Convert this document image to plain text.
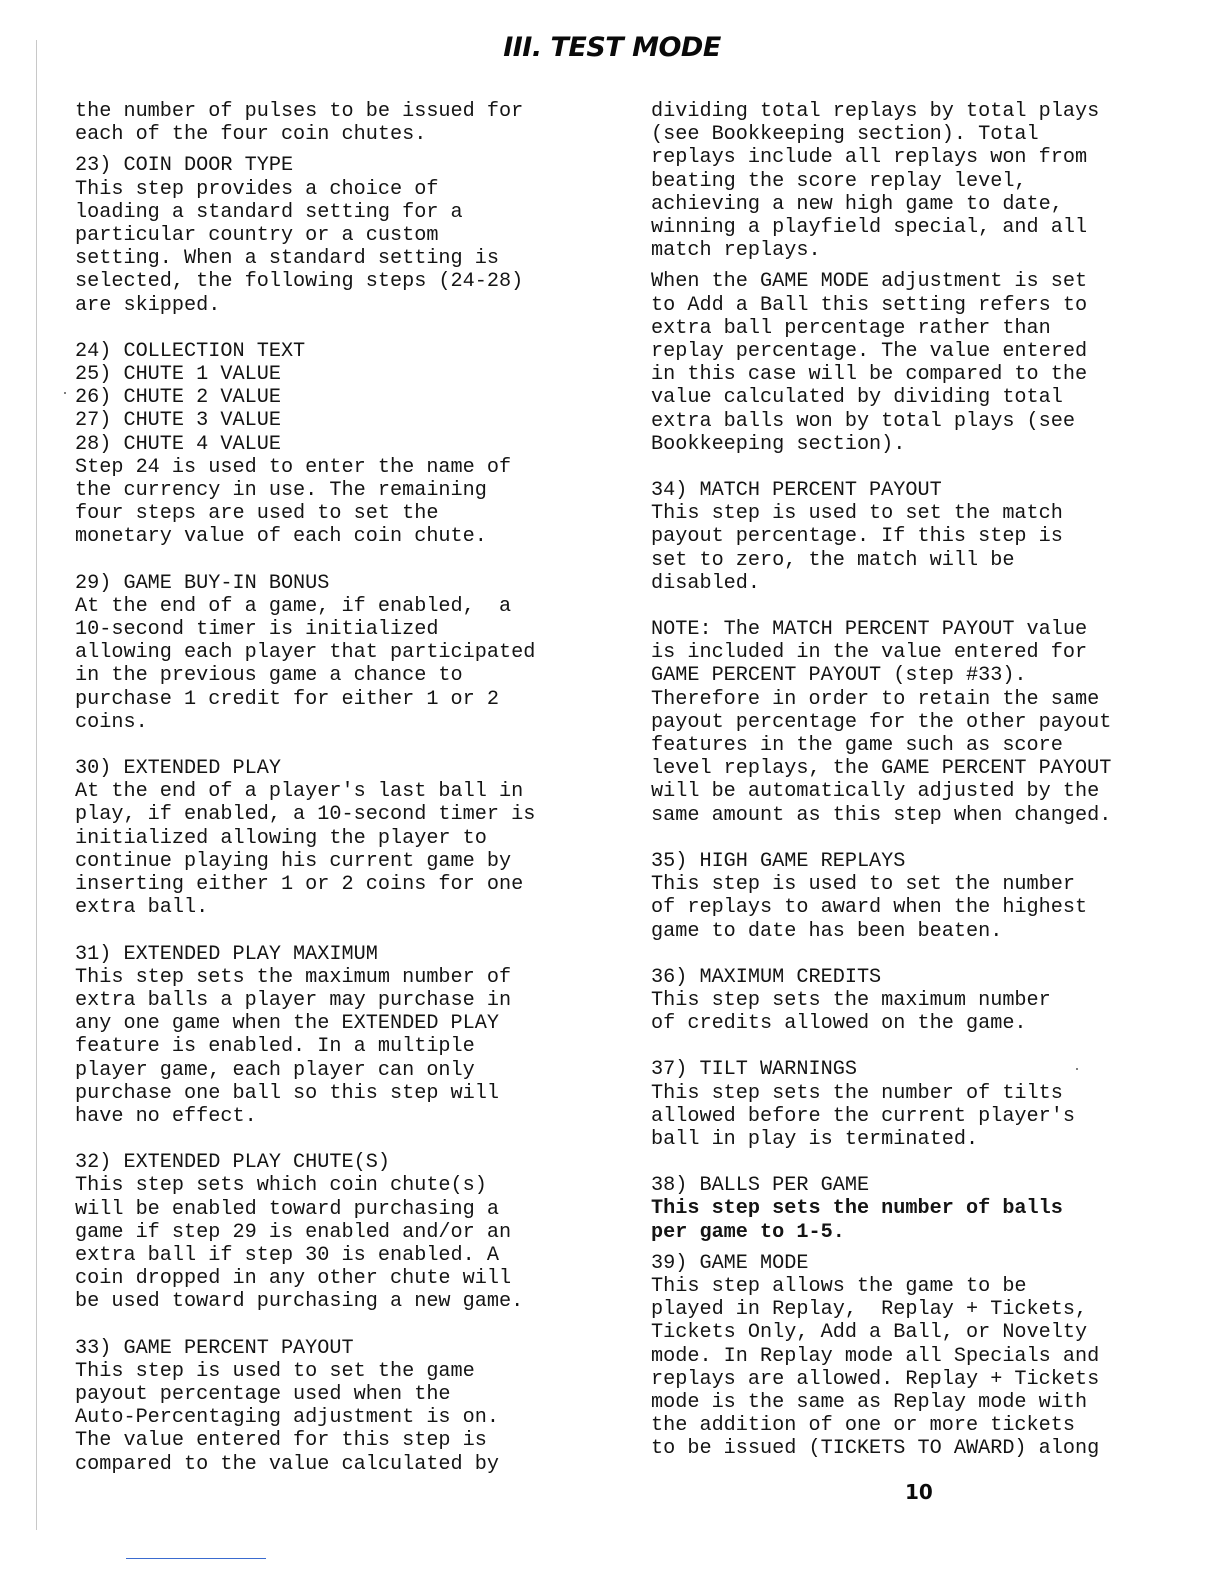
III. TEST MODE
the number of pulses to be issued for
each of the four coin chutes.
23) COIN DOOR TYPE
This step provides a choice of
loading a standard setting for a
particular country or a custom
setting. When a standard setting is
selected, the following steps (24-28)
are skipped.
24) COLLECTION TEXT
25) CHUTE 1 VALUE
26) CHUTE 2 VALUE
27) CHUTE 3 VALUE
28) CHUTE 4 VALUE
Step 24 is used to enter the name of
the currency in use. The remaining
four steps are used to set the
monetary value of each coin chute.
29) GAME BUY-IN BONUS
At the end of a game, if enabled,  a
10-second timer is initialized
allowing each player that participated
in the previous game a chance to
purchase 1 credit for either 1 or 2
coins.
30) EXTENDED PLAY
At the end of a player's last ball in
play, if enabled, a 10-second timer is
initialized allowing the player to
continue playing his current game by
inserting either 1 or 2 coins for one
extra ball.
31) EXTENDED PLAY MAXIMUM
This step sets the maximum number of
extra balls a player may purchase in
any one game when the EXTENDED PLAY
feature is enabled. In a multiple
player game, each player can only
purchase one ball so this step will
have no effect.
32) EXTENDED PLAY CHUTE(S)
This step sets which coin chute(s)
will be enabled toward purchasing a
game if step 29 is enabled and/or an
extra ball if step 30 is enabled. A
coin dropped in any other chute will
be used toward purchasing a new game.
33) GAME PERCENT PAYOUT
This step is used to set the game
payout percentage used when the
Auto-Percentaging adjustment is on.
The value entered for this step is
compared to the value calculated by
dividing total replays by total plays
(see Bookkeeping section). Total
replays include all replays won from
beating the score replay level,
achieving a new high game to date,
winning a playfield special, and all
match replays.
When the GAME MODE adjustment is set
to Add a Ball this setting refers to
extra ball percentage rather than
replay percentage. The value entered
in this case will be compared to the
value calculated by dividing total
extra balls won by total plays (see
Bookkeeping section).
34) MATCH PERCENT PAYOUT
This step is used to set the match
payout percentage. If this step is
set to zero, the match will be
disabled.
NOTE: The MATCH PERCENT PAYOUT value
is included in the value entered for
GAME PERCENT PAYOUT (step #33).
Therefore in order to retain the same
payout percentage for the other payout
features in the game such as score
level replays, the GAME PERCENT PAYOUT
will be automatically adjusted by the
same amount as this step when changed.
35) HIGH GAME REPLAYS
This step is used to set the number
of replays to award when the highest
game to date has been beaten.
36) MAXIMUM CREDITS
This step sets the maximum number
of credits allowed on the game.
37) TILT WARNINGS
This step sets the number of tilts
allowed before the current player's
ball in play is terminated.
38) BALLS PER GAME
This step sets the number of balls
per game to 1-5.
39) GAME MODE
This step allows the game to be
played in Replay,  Replay + Tickets,
Tickets Only, Add a Ball, or Novelty
mode. In Replay mode all Specials and
replays are allowed. Replay + Tickets
mode is the same as Replay mode with
the addition of one or more tickets
to be issued (TICKETS TO AWARD) along
10
